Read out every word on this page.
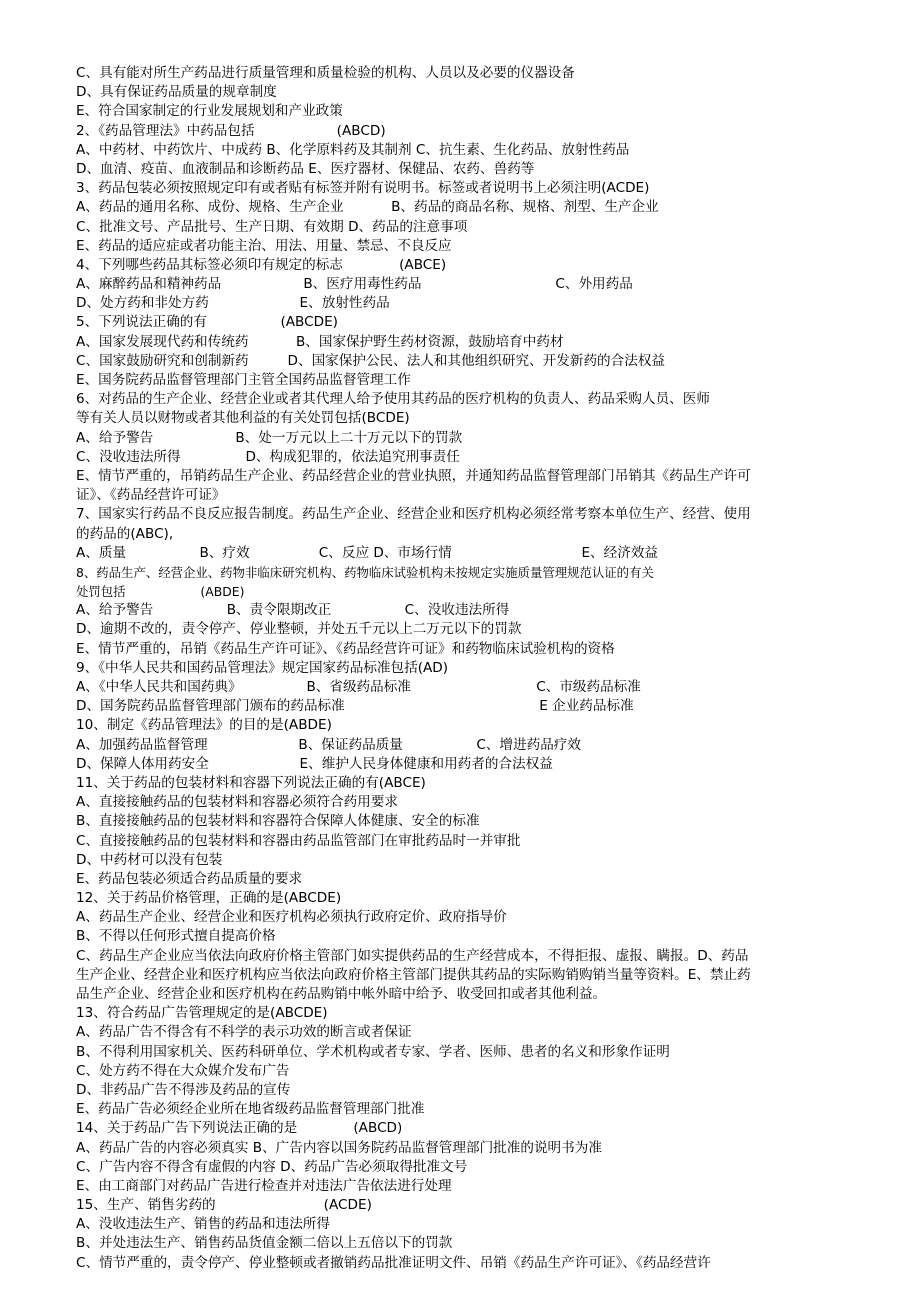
C、具有能对所生产药品进行质量管理和质量检验的机构、人员以及必要的仪器设备
D、具有保证药品质量的规章制度
E、符合国家制定的行业发展规划和产业政策
2、《药品管理法》中药品包括                   (ABCD)
A、中药材、中药饮片、中成药 B、化学原料药及其制剂 C、抗生素、生化药品、放射性药品
D、血清、疫苗、血液制品和诊断药品 E、医疗器材、保健品、农药、兽药等
3、药品包装必须按照规定印有或者贴有标签并附有说明书。标签或者说明书上必须注明(ACDE)
A、药品的通用名称、成份、规格、生产企业           B、药品的商品名称、规格、剂型、生产企业
C、批准文号、产品批号、生产日期、有效期 D、药品的注意事项
E、药品的适应症或者功能主治、用法、用量、禁忌、不良反应
4、下列哪些药品其标签必须印有规定的标志             (ABCE)
A、麻醉药品和精神药品                   B、医疗用毒性药品                               C、外用药品
D、处方药和非处方药                     E、放射性药品
5、下列说法正确的有                 (ABCDE)
A、国家发展现代药和传统药           B、国家保护野生药材资源，鼓励培育中药材
C、国家鼓励研究和创制新药         D、国家保护公民、法人和其他组织研究、开发新药的合法权益
E、国务院药品监督管理部门主管全国药品监督管理工作
6、对药品的生产企业、经营企业或者其代理人给予使用其药品的医疗机构的负责人、药品采购人员、医师
等有关人员以财物或者其他利益的有关处罚包括(BCDE)
A、给予警告                   B、处一万元以上二十万元以下的罚款
C、没收违法所得               D、构成犯罪的，依法追究刑事责任
E、情节严重的，吊销药品生产企业、药品经营企业的营业执照，并通知药品监督管理部门吊销其《药品生产许可
证》、《药品经营许可证》
7、国家实行药品不良反应报告制度。药品生产企业、经营企业和医疗机构必须经常考察本单位生产、经营、使用
的药品的(ABC),
A、质量                 B、疗效                C、反应 D、市场行情                              E、经济效益
8、药品生产、经营企业、药物非临床研究机构、药物临床试验机构未按规定实施质量管理规范认证的有关
处罚包括                   (ABDE)
A、给予警告                 B、责令限期改正                 C、没收违法所得
D、逾期不改的，责令停产、停业整顿，并处五千元以上二万元以下的罚款
E、情节严重的，吊销《药品生产许可证》、《药品经营许可证》和药物临床试验机构的资格
9、《中华人民共和国药品管理法》规定国家药品标准包括(AD)
A、《中华人民共和国药典》               B、省级药品标准                             C、市级药品标准
D、国务院药品监督管理部门颁布的药品标准                                             E 企业药品标准
10、制定《药品管理法》的目的是(ABDE)
A、加强药品监督管理                     B、保证药品质量                 C、增进药品疗效
D、保障人体用药安全                     E、维护人民身体健康和用药者的合法权益
11、关于药品的包装材料和容器下列说法正确的有(ABCE)
A、直接接触药品的包装材料和容器必须符合药用要求
B、直接接触药品的包装材料和容器符合保障人体健康、安全的标准
C、直接接触药品的包装材料和容器由药品监管部门在审批药品时一并审批
D、中药材可以没有包装
E、药品包装必须适合药品质量的要求
12、关于药品价格管理，正确的是(ABCDE)
A、药品生产企业、经营企业和医疗机构必须执行政府定价、政府指导价
B、不得以任何形式擅自提高价格
C、药品生产企业应当依法向政府价格主管部门如实提供药品的生产经营成本，不得拒报、虚报、瞒报。D、药品
生产企业、经营企业和医疗机构应当依法向政府价格主管部门提供其药品的实际购销购销当量等资料。E、禁止药
品生产企业、经营企业和医疗机构在药品购销中帐外暗中给予、收受回扣或者其他利益。
13、符合药品广告管理规定的是(ABCDE)
A、药品广告不得含有不科学的表示功效的断言或者保证
B、不得利用国家机关、医药科研单位、学术机构或者专家、学者、医师、患者的名义和形象作证明
C、处方药不得在大众媒介发布广告
D、非药品广告不得涉及药品的宣传
E、药品广告必须经企业所在地省级药品监督管理部门批准
14、关于药品广告下列说法正确的是             (ABCD)
A、药品广告的内容必须真实 B、广告内容以国务院药品监督管理部门批准的说明书为准
C、广告内容不得含有虚假的内容 D、药品广告必须取得批准文号
E、由工商部门对药品广告进行检查并对违法广告依法进行处理
15、生产、销售劣药的                         (ACDE)
A、没收违法生产、销售的药品和违法所得
B、并处违法生产、销售药品货值金额二倍以上五倍以下的罚款
C、情节严重的，责令停产、停业整顿或者撤销药品批准证明文件、吊销《药品生产许可证》、《药品经营许
